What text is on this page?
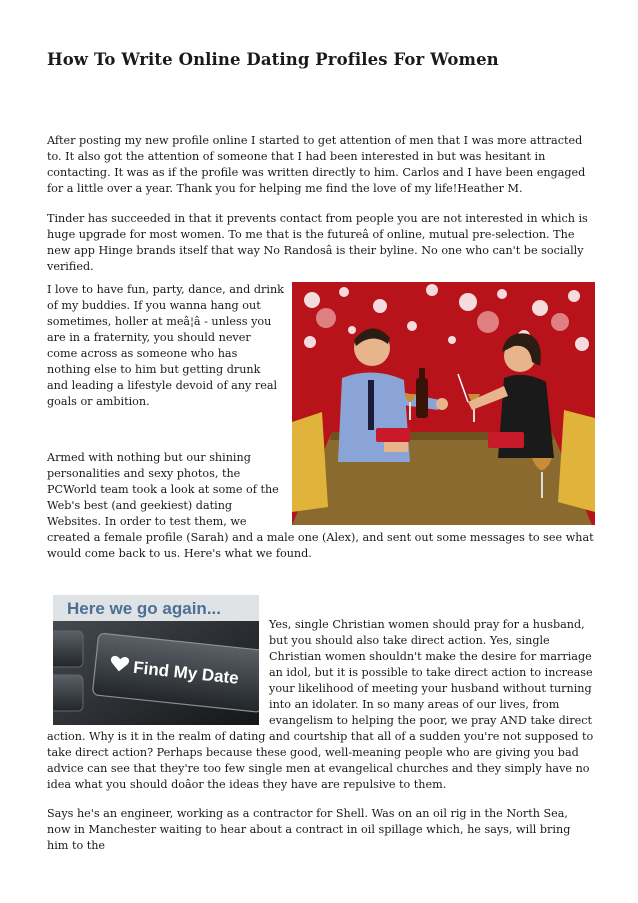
How To Write Online Dating Profiles For Women

After posting my new profile online I started to get attention of men that I was more attracted to. It also got the attention of someone that I had been interested in but was hesitant in contacting. It was as if the profile was written directly to him. Carlos and I have been engaged for a little over a year. Thank you for helping me find the love of my life!Heather M.

Tinder has succeeded in that it prevents contact from people you are not interested in which is huge upgrade for most women. To me that is the futureâ of online, mutual pre-selection. The new app Hinge brands itself that way No Randosâ is their byline. No one who can't be socially verified.

I love to have fun, party, dance, and drink of my buddies. If you wanna hang out sometimes, holler at meâ¦â - unless you are in a fraternity, you should never come across as someone who has nothing else to him but getting drunk and leading a lifestyle devoid of any real goals or ambition.

Armed with nothing but our shining personalities and sexy photos, the PCWorld team took a look at some of the Web's best (and geekiest) dating Websites. In order to test them, we created a female profile (Sarah) and a male one (Alex), and sent out some messages to see what would come back to us. Here's what we found.

Here we go again...
Find My Date

Yes, single Christian women should pray for a husband, but you should also take direct action. Yes, single Christian women shouldn't make the desire for marriage an idol, but it is possible to take direct action to increase your likelihood of meeting your husband without turning into an idolater. In so many areas of our lives, from evangelism to helping the poor, we pray AND take direct action. Why is it in the realm of dating and courtship that all of a sudden you're not supposed to take direct action? Perhaps because these good, well-meaning people who are giving you bad advice can see that they're too few single men at evangelical churches and they simply have no idea what you should doâor the ideas they have are repulsive to them.

Says he's an engineer, working as a contractor for Shell. Was on an oil rig in the North Sea, now in Manchester waiting to hear about a contract in oil spillage which, he says, will bring him to the
